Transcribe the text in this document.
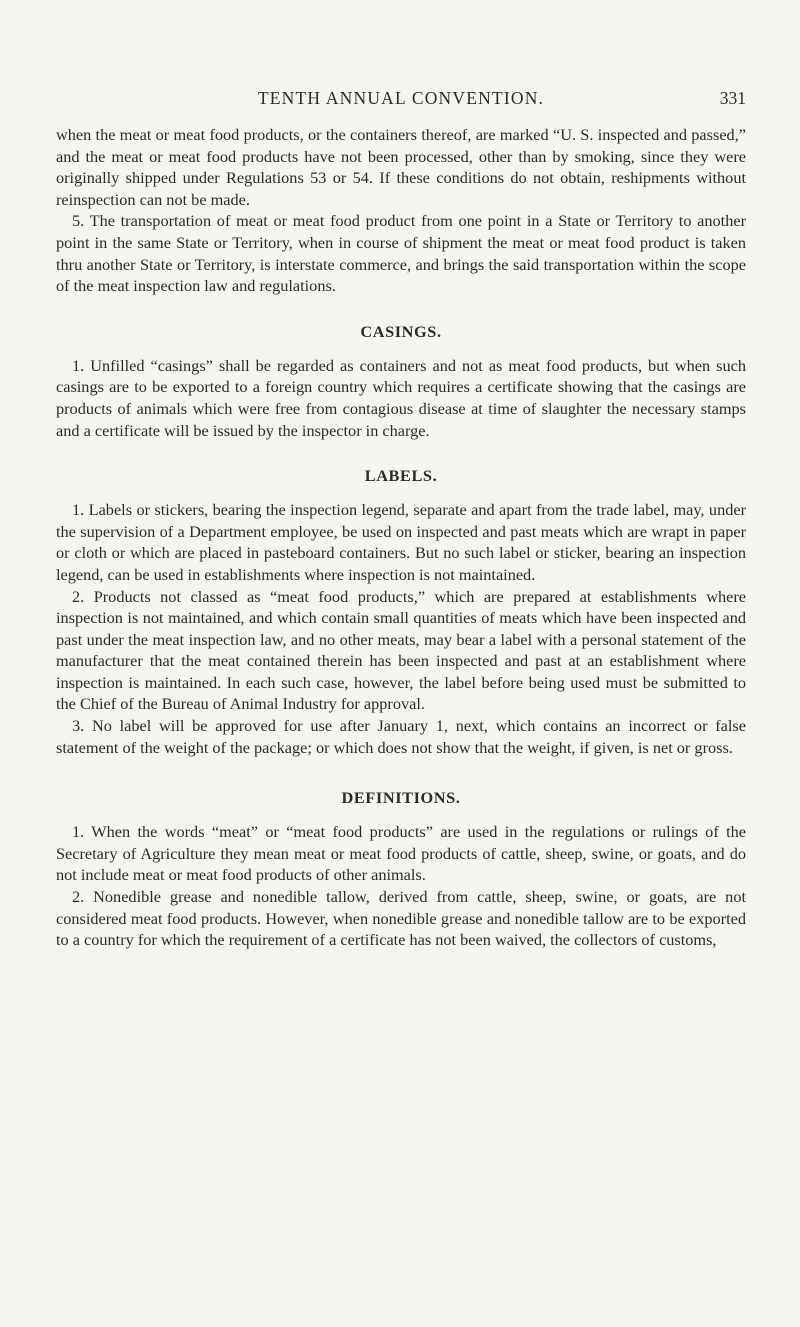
TENTH ANNUAL CONVENTION.	331

when the meat or meat food products, or the containers thereof, are marked “U. S. inspected and passed,” and the meat or meat food products have not been processed, other than by smoking, since they were originally shipped under Regulations 53 or 54. If these conditions do not obtain, reshipments without reinspection can not be made.

5. The transportation of meat or meat food product from one point in a State or Territory to another point in the same State or Territory, when in course of shipment the meat or meat food product is taken thru another State or Territory, is interstate commerce, and brings the said transportation within the scope of the meat inspection law and regulations.

CASINGS.

1. Unfilled “casings” shall be regarded as containers and not as meat food products, but when such casings are to be exported to a foreign country which requires a certificate showing that the casings are products of animals which were free from contagious disease at time of slaughter the necessary stamps and a certificate will be issued by the inspector in charge.

LABELS.

1. Labels or stickers, bearing the inspection legend, separate and apart from the trade label, may, under the supervision of a Department employee, be used on inspected and past meats which are wrapt in paper or cloth or which are placed in pasteboard containers. But no such label or sticker, bearing an inspection legend, can be used in establishments where inspection is not maintained.

2. Products not classed as “meat food products,” which are prepared at establishments where inspection is not maintained, and which contain small quantities of meats which have been inspected and past under the meat inspection law, and no other meats, may bear a label with a personal statement of the manufacturer that the meat contained therein has been inspected and past at an establishment where inspection is maintained. In each such case, however, the label before being used must be submitted to the Chief of the Bureau of Animal Industry for approval.

3. No label will be approved for use after January 1, next, which contains an incorrect or false statement of the weight of the package; or which does not show that the weight, if given, is net or gross.

DEFINITIONS.

1. When the words “meat” or “meat food products” are used in the regulations or rulings of the Secretary of Agriculture they mean meat or meat food products of cattle, sheep, swine, or goats, and do not include meat or meat food products of other animals.

2. Nonedible grease and nonedible tallow, derived from cattle, sheep, swine, or goats, are not considered meat food products. However, when nonedible grease and nonedible tallow are to be exported to a country for which the requirement of a certificate has not been waived, the collectors of customs,
